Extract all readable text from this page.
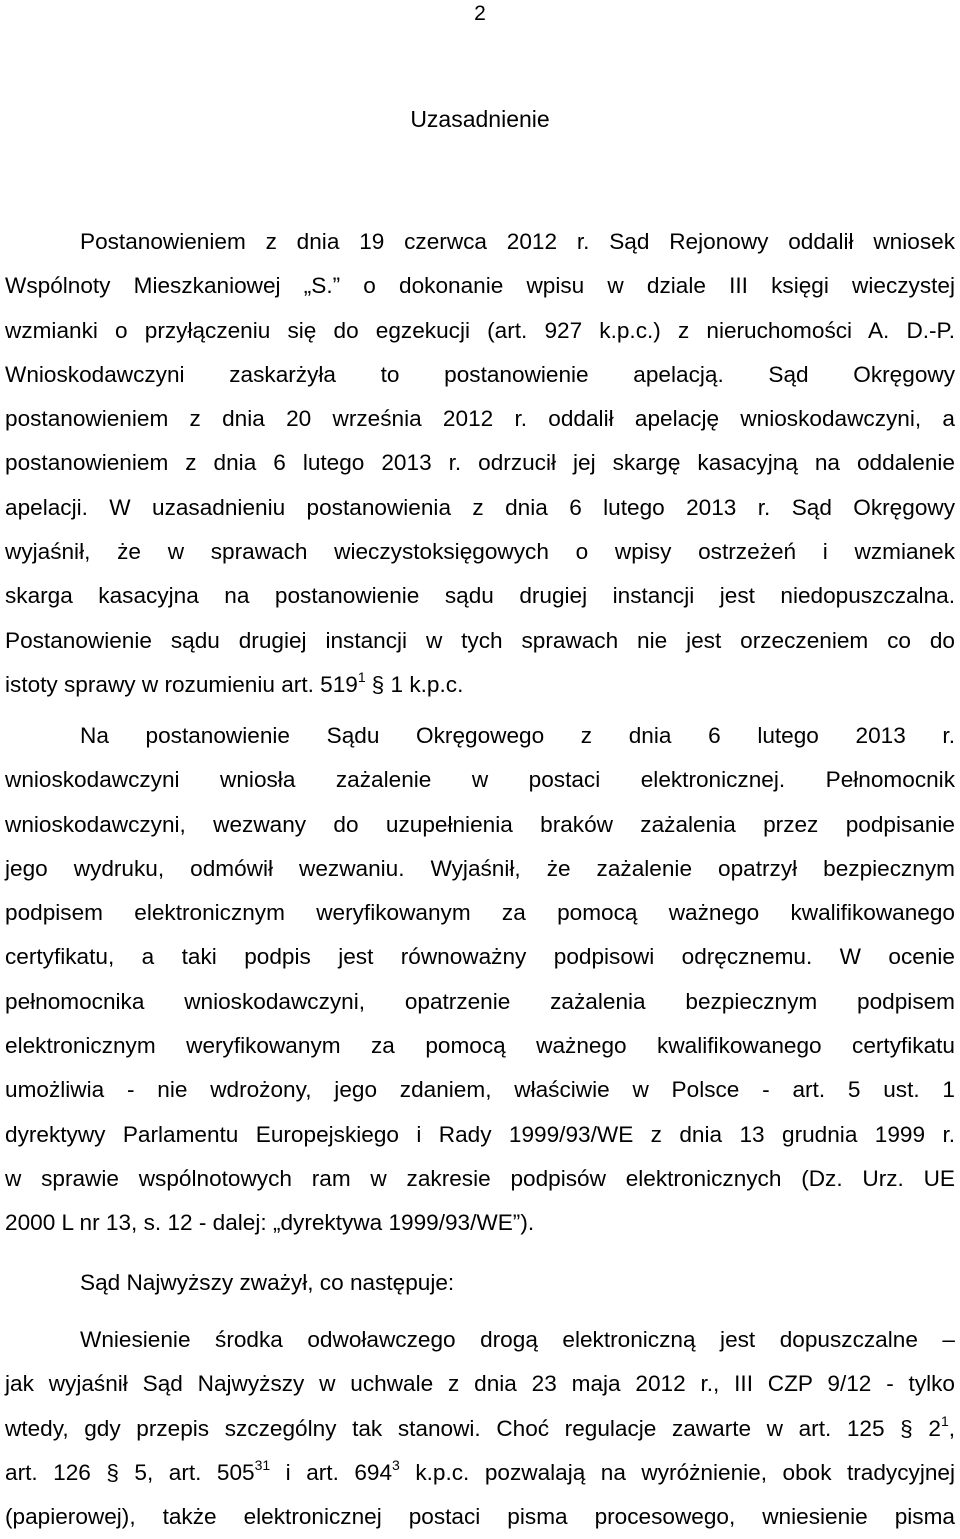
2
Uzasadnienie
Postanowieniem z dnia 19 czerwca 2012 r. Sąd Rejonowy oddalił wniosek
Wspólnoty Mieszkaniowej „S.” o dokonanie wpisu w dziale III księgi wieczystej
wzmianki o przyłączeniu się do egzekucji (art. 927 k.p.c.) z nieruchomości A. D.-P.
Wnioskodawczyni zaskarżyła to postanowienie apelacją. Sąd Okręgowy
postanowieniem z dnia 20 września 2012 r. oddalił apelację wnioskodawczyni, a
postanowieniem z dnia 6 lutego 2013 r. odrzucił jej skargę kasacyjną na oddalenie
apelacji. W uzasadnieniu postanowienia z dnia 6 lutego 2013 r. Sąd Okręgowy
wyjaśnił, że w sprawach wieczystoksięgowych o wpisy ostrzeżeń i wzmianek
skarga kasacyjna na postanowienie sądu drugiej instancji jest niedopuszczalna.
Postanowienie sądu drugiej instancji w tych sprawach nie jest orzeczeniem co do
istoty sprawy w rozumieniu art. $519^1$ § 1 k.p.c.
Na postanowienie Sądu Okręgowego z dnia 6 lutego 2013 r.
wnioskodawczyni wniosła zażalenie w postaci elektronicznej. Pełnomocnik
wnioskodawczyni, wezwany do uzupełnienia braków zażalenia przez podpisanie
jego wydruku, odmówił wezwaniu. Wyjaśnił, że zażalenie opatrzył bezpiecznym
podpisem elektronicznym weryfikowanym za pomocą ważnego kwalifikowanego
certyfikatu, a taki podpis jest równoważny podpisowi odręcznemu. W ocenie
pełnomocnika wnioskodawczyni, opatrzenie zażalenia bezpiecznym podpisem
elektronicznym weryfikowanym za pomocą ważnego kwalifikowanego certyfikatu
umożliwia - nie wdrożony, jego zdaniem, właściwie w Polsce - art. 5 ust. 1
dyrektywy Parlamentu Europejskiego i Rady 1999/93/WE z dnia 13 grudnia 1999 r.
w sprawie wspólnotowych ram w zakresie podpisów elektronicznych (Dz. Urz. UE
2000 L nr 13, s. 12 - dalej: „dyrektywa 1999/93/WE”).
Sąd Najwyższy zważył, co następuje:
Wniesienie środka odwoławczego drogą elektroniczną jest dopuszczalne –
jak wyjaśnił Sąd Najwyższy w uchwale z dnia 23 maja 2012 r., III CZP 9/12 - tylko
wtedy, gdy przepis szczególny tak stanowi. Choć regulacje zawarte w art. 125 § $2^1$,
art. 126 § 5, art. $505^{31}$ i art. $694^3$ k.p.c. pozwalają na wyróżnienie, obok tradycyjnej
(papierowej), także elektronicznej postaci pisma procesowego, wniesienie pisma
